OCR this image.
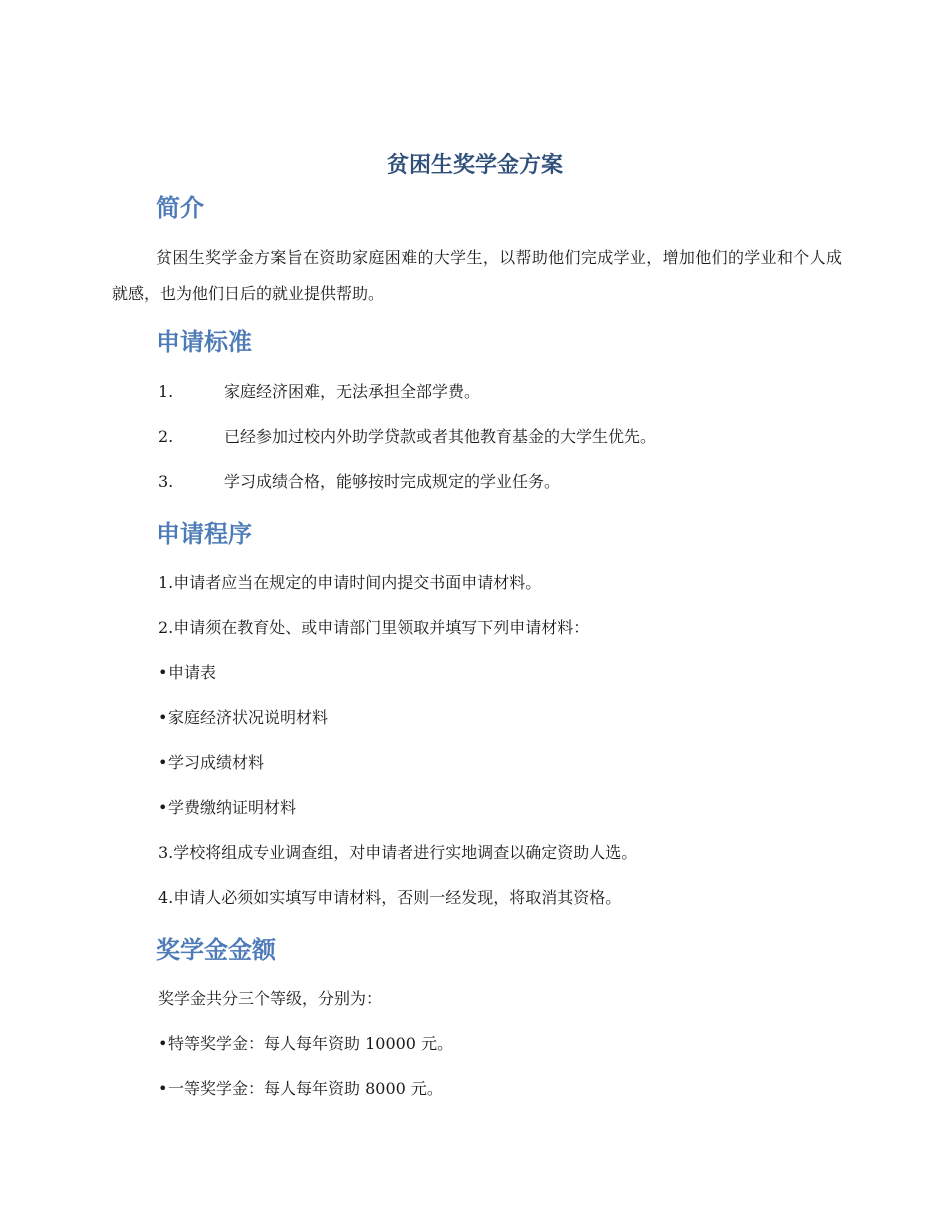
贫困生奖学金方案
简介

贫困生奖学金方案旨在资助家庭困难的大学生，以帮助他们完成学业，增加他们的学业和个人成就感，也为他们日后的就业提供帮助。

申请标准
1.	家庭经济困难，无法承担全部学费。
2.	已经参加过校内外助学贷款或者其他教育基金的大学生优先。
3.	学习成绩合格，能够按时完成规定的学业任务。
申请程序

1.申请者应当在规定的申请时间内提交书面申请材料。

2.申请须在教育处、或申请部门里领取并填写下列申请材料：

•申请表

•家庭经济状况说明材料

•学习成绩材料

•学费缴纳证明材料

3.学校将组成专业调查组，对申请者进行实地调查以确定资助人选。

4.申请人必须如实填写申请材料，否则一经发现，将取消其资格。

奖学金金额

奖学金共分三个等级，分别为：

•特等奖学金：每人每年资助 10000 元。

•一等奖学金：每人每年资助 8000 元。
